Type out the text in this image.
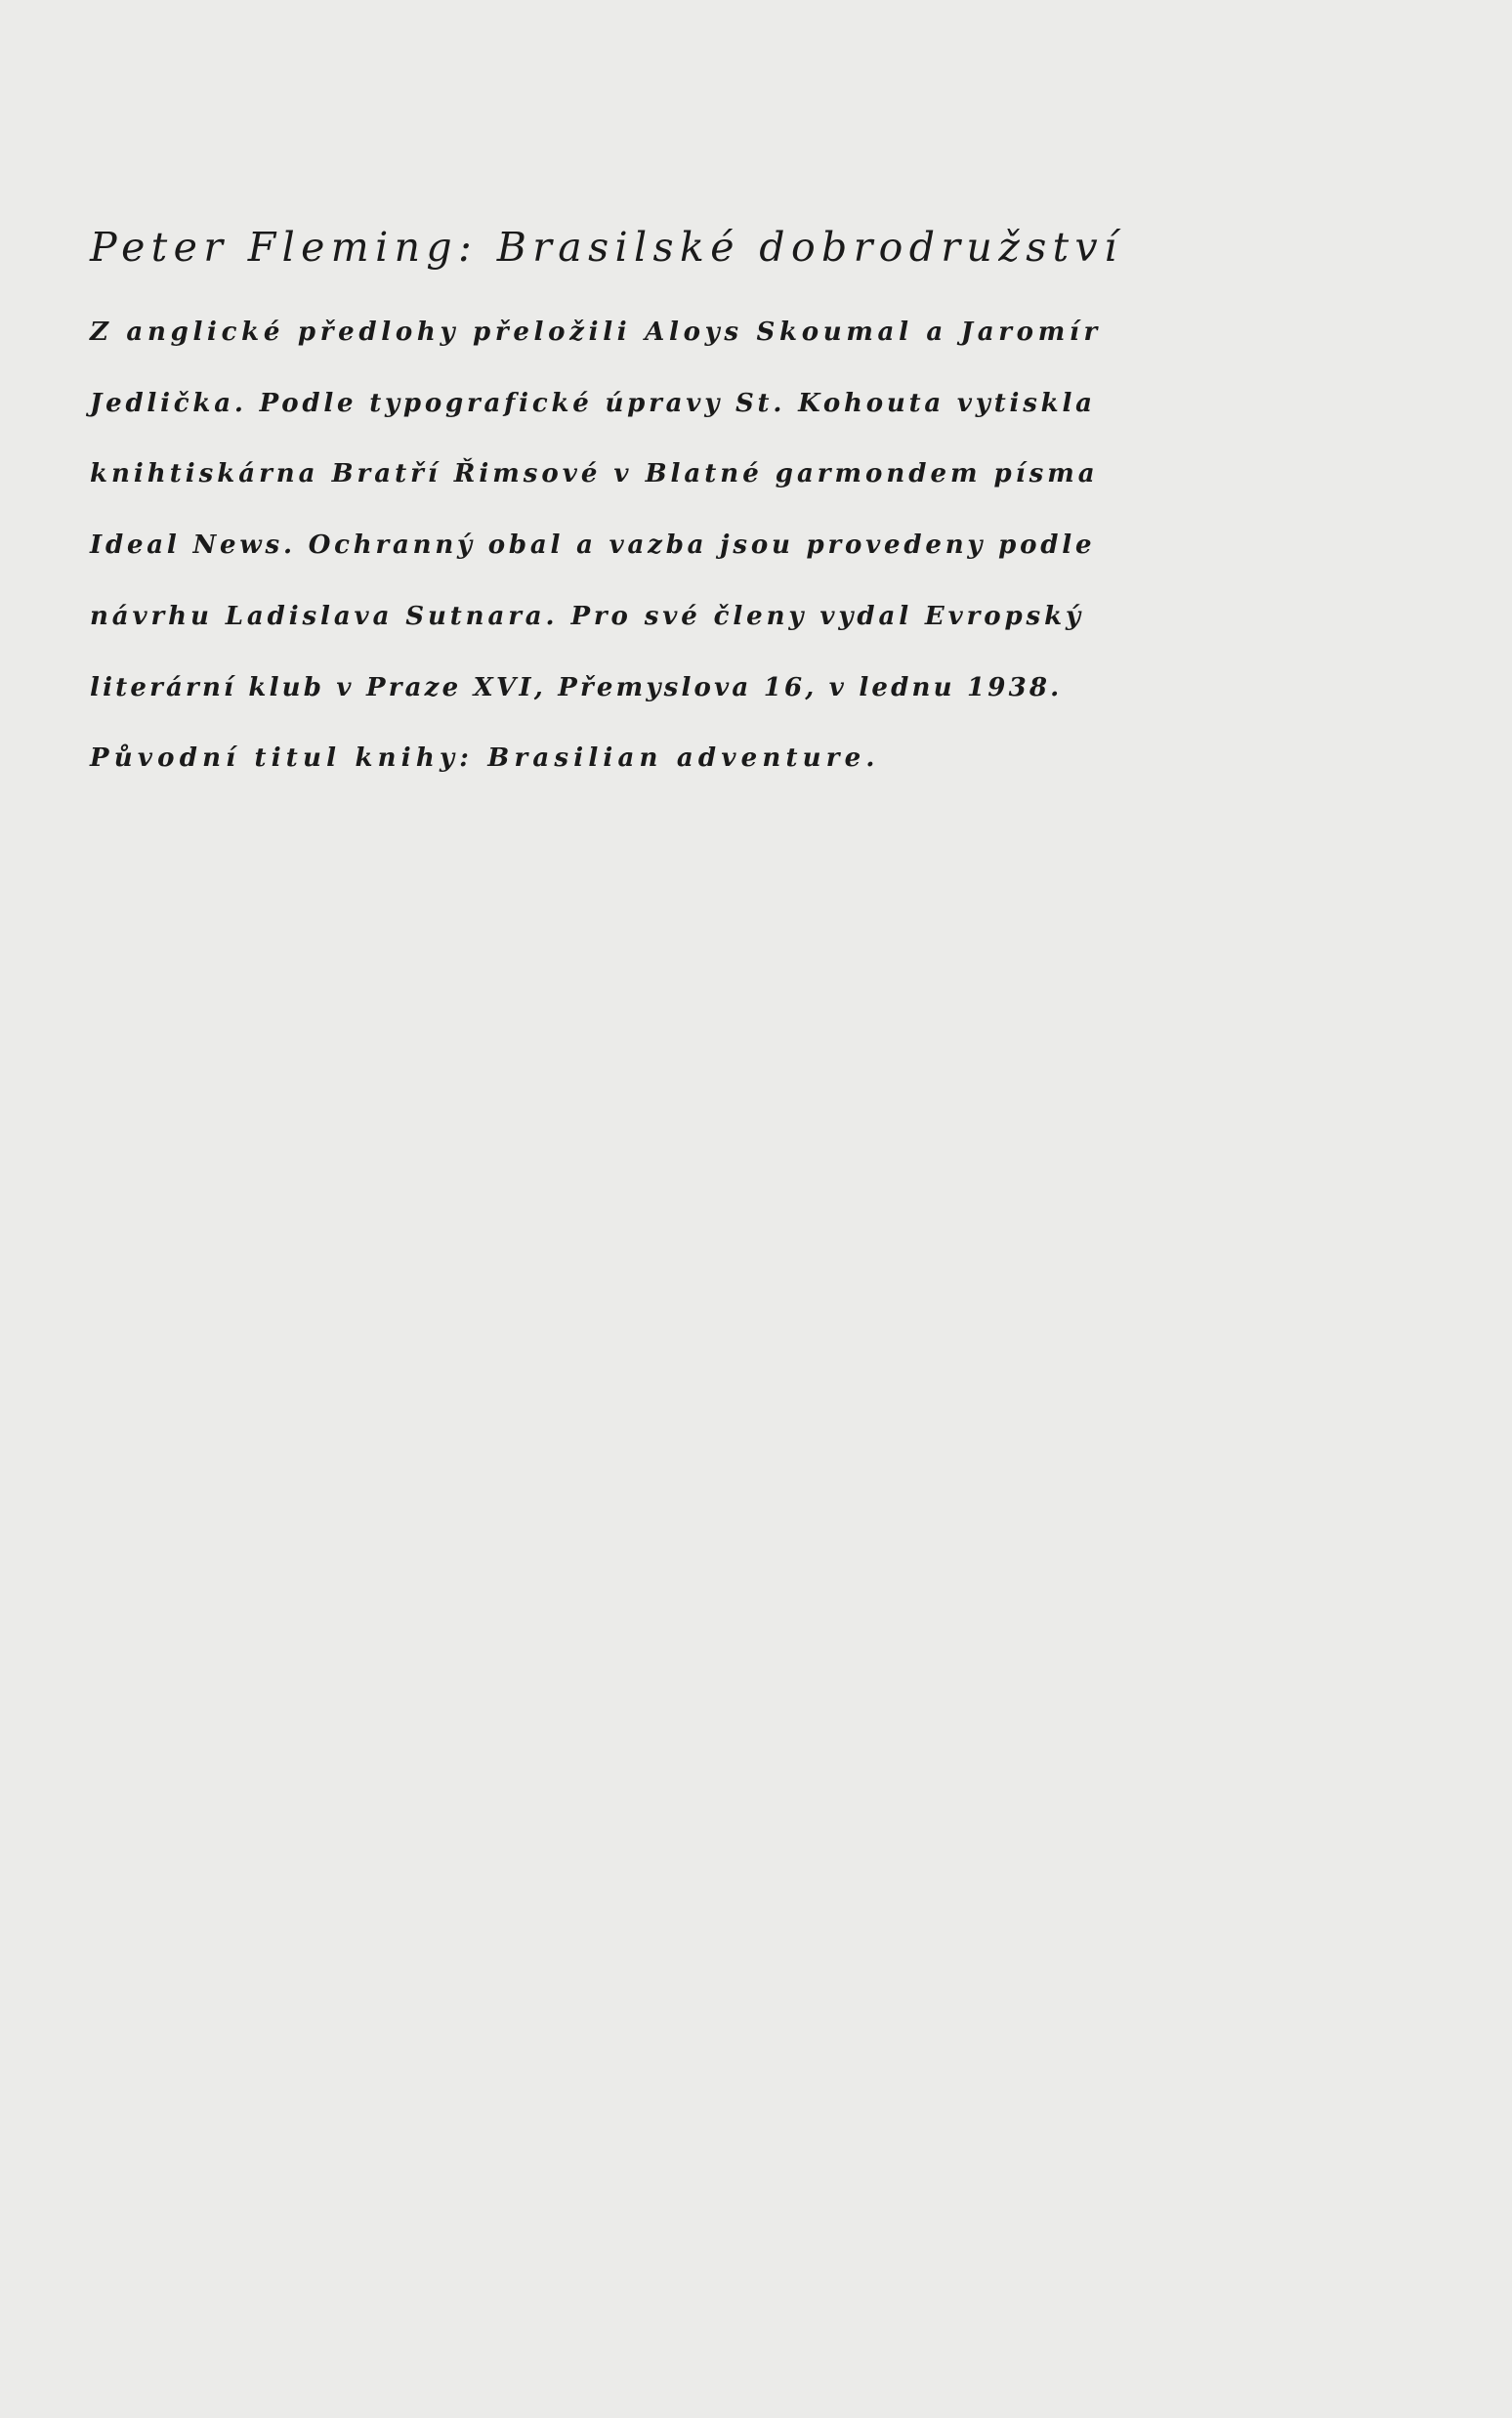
Peter Fleming: Brasilské dobrodružství
Z anglické předlohy přeložili Aloys Skoumal a Jaromír
Jedlička. Podle typografické úpravy St. Kohouta vytiskla
knihtiskárna Bratří Řimsové v Blatné garmondem písma
Ideal News. Ochranný obal a vazba jsou provedeny podle
návrhu Ladislava Sutnara. Pro své členy vydal Evropský
literární klub v Praze XVI, Přemyslova 16, v lednu 1938.
Původní titul knihy: Brasilian adventure.
